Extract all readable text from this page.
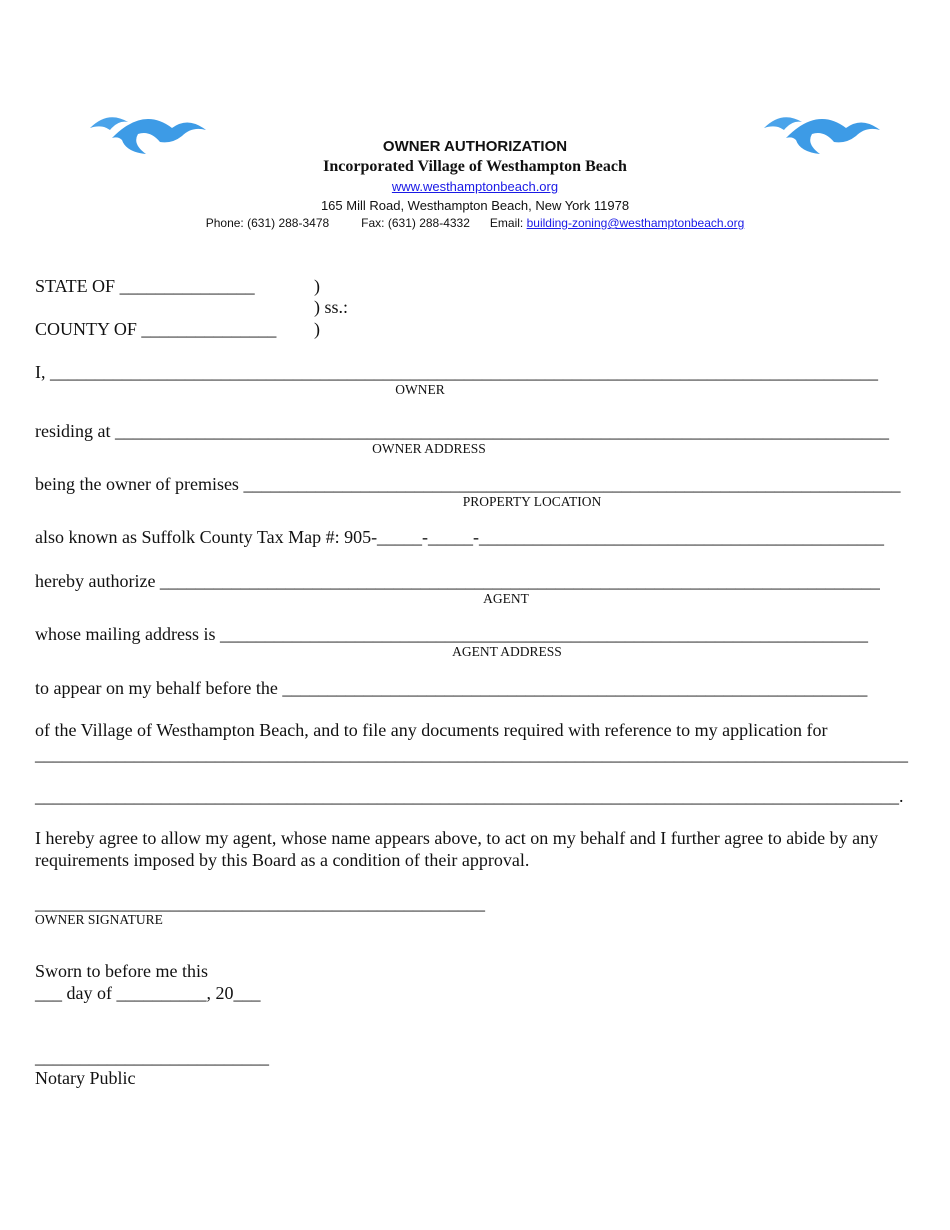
OWNER AUTHORIZATION
Incorporated Village of Westhampton Beach
www.westhamptonbeach.org
165 Mill Road, Westhampton Beach, New York 11978
Phone: (631) 288-3478	Fax: (631) 288-4332 Email: building-zoning@westhamptonbeach.org
STATE OF _______________	)
) ss.:
COUNTY OF _______________ )
I, ____________________________________________________________________________________________
OWNER
residing at ______________________________________________________________________________________
OWNER ADDRESS
being the owner of premises _________________________________________________________________________
PROPERTY LOCATION
also known as Suffolk County Tax Map #: 905-_____-_____-_____________________________________________
hereby authorize ________________________________________________________________________________
AGENT
whose mailing address is ________________________________________________________________________
AGENT ADDRESS
to appear on my behalf before the _________________________________________________________________
of the Village of Westhampton Beach, and to file any documents required with reference to my application for
_________________________________________________________________________________________________
________________________________________________________________________________________________.
I hereby agree to allow my agent, whose name appears above, to act on my behalf and I further agree to abide by any requirements imposed by this Board as a condition of their approval.
__________________________________________________
OWNER SIGNATURE
Sworn to before me this
___ day of __________, 20___
__________________________
Notary Public
